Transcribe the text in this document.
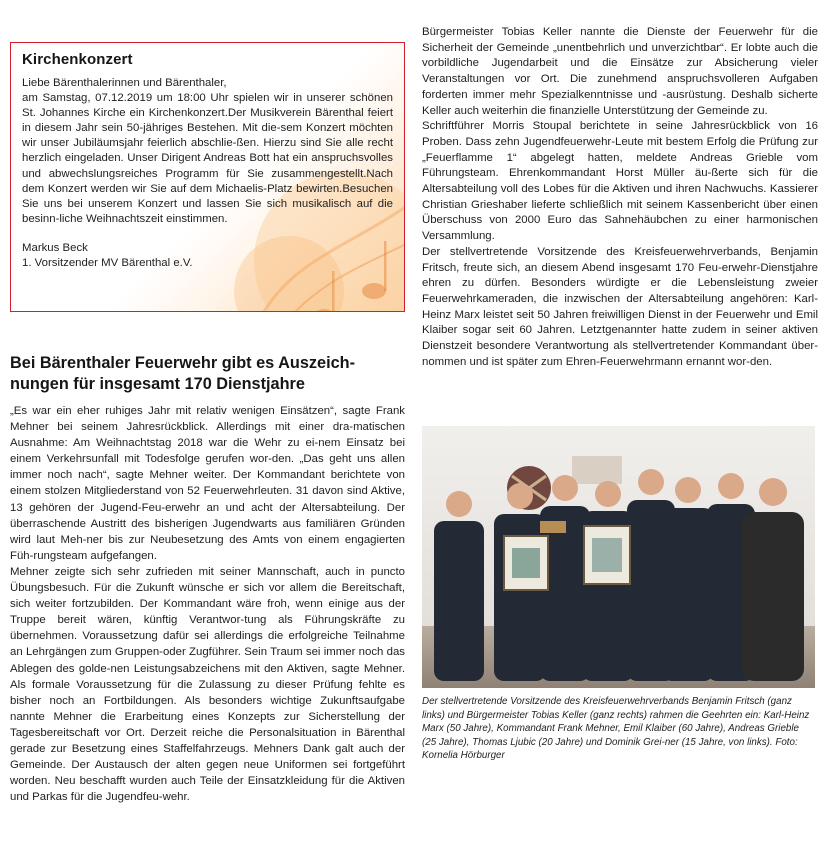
Kirchenkonzert
Liebe Bärenthalerinnen und Bärenthaler,
am Samstag, 07.12.2019 um 18:00 Uhr spielen wir in unserer schönen St. Johannes Kirche ein Kirchenkonzert.Der Musikverein Bärenthal feiert in diesem Jahr sein 50-jähriges Bestehen. Mit die-sem Konzert möchten wir unser Jubiläumsjahr feierlich abschlie-ßen. Hierzu sind Sie alle recht herzlich eingeladen. Unser Dirigent Andreas Bott hat ein anspruchsvolles und abwechslungsreiches Programm für Sie zusammengestellt.Nach dem Konzert werden wir Sie auf dem Michaelis-Platz bewirten.Besuchen Sie uns bei unserem Konzert und lassen Sie sich musikalisch auf die besinn-liche Weihnachtszeit einstimmen.
Markus Beck
1. Vorsitzender MV Bärenthal e.V.
Bei Bärenthaler Feuerwehr gibt es Auszeich-
nungen für insgesamt 170 Dienstjahre

„Es war ein eher ruhiges Jahr mit relativ wenigen Einsätzen“, sagte Frank Mehner bei seinem Jahresrückblick. Allerdings mit einer dra-matischen Ausnahme: Am Weihnachtstag 2018 war die Wehr zu ei-nem Einsatz bei einem Verkehrsunfall mit Todesfolge gerufen wor-den. „Das geht uns allen immer noch nach“, sagte Mehner weiter. Der Kommandant berichtete von einem stolzen Mitgliederstand von 52 Feuerwehrleuten. 31 davon sind Aktive, 13 gehören der Jugend-Feu-erwehr an und acht der Altersabteilung. Der überraschende Austritt des bisherigen Jugendwarts aus familiären Gründen wird laut Meh-ner bis zur Neubesetzung des Amts von einem engagierten Füh-rungsteam aufgefangen.

Mehner zeigte sich sehr zufrieden mit seiner Mannschaft, auch in puncto Übungsbesuch. Für die Zukunft wünsche er sich vor allem die Bereitschaft, sich weiter fortzubilden. Der Kommandant wäre froh, wenn einige aus der Truppe bereit wären, künftig Verantwor-tung als Führungskräfte zu übernehmen. Voraussetzung dafür sei allerdings die erfolgreiche Teilnahme an Lehrgängen zum Gruppen-oder Zugführer. Sein Traum sei immer noch das Ablegen des golde-nen Leistungsabzeichens mit den Aktiven, sagte Mehner. Als formale Voraussetzung für die Zulassung zu dieser Prüfung fehlte es bisher noch an Fortbildungen. Als besonders wichtige Zukunftsaufgabe nannte Mehner die Erarbeitung eines Konzepts zur Sicherstellung der Tagesbereitschaft vor Ort. Derzeit reiche die Personalsituation in Bärenthal gerade zur Besetzung eines Staffelfahrzeugs. Mehners Dank galt auch der Gemeinde. Der Austausch der alten gegen neue Uniformen sei fortgeführt worden. Neu beschafft wurden auch Teile der Einsatzkleidung für die Aktiven und Parkas für die Jugendfeu-wehr.

Bürgermeister Tobias Keller nannte die Dienste der Feuerwehr für die Sicherheit der Gemeinde „unentbehrlich und unverzichtbar“. Er lobte auch die vorbildliche Jugendarbeit und die Einsätze zur Absicherung vieler Veranstaltungen vor Ort. Die zunehmend anspruchsvolleren Aufgaben forderten immer mehr Spezialkenntnisse und -ausrüstung. Deshalb sicherte Keller auch weiterhin die finanzielle Unterstützung der Gemeinde zu.

Schriftführer Morris Stoupal berichtete in seine Jahresrückblick von 16 Proben. Dass zehn Jugendfeuerwehr-Leute mit bestem Erfolg die Prüfung zur „Feuerflamme 1“ abgelegt hatten, meldete Andreas Grieble vom Führungsteam. Ehrenkommandant Horst Müller äu-ßerte sich für die Altersabteilung voll des Lobes für die Aktiven und ihren Nachwuchs. Kassierer Christian Grieshaber lieferte schließlich mit seinem Kassenbericht über einen Überschuss von 2000 Euro das Sahnehäubchen zu einer harmonischen Versammlung.

Der stellvertretende Vorsitzende des Kreisfeuerwehrverbands, Benjamin Fritsch, freute sich, an diesem Abend insgesamt 170 Feu-erwehr-Dienstjahre ehren zu dürfen. Besonders würdigte er die Lebensleistung zweier Feuerwehrkameraden, die inzwischen der Altersabteilung angehören: Karl-Heinz Marx leistet seit 50 Jahren freiwilligen Dienst in der Feuerwehr und Emil Klaiber sogar seit 60 Jahren. Letztgenannter hatte zudem in seiner aktiven Dienstzeit besondere Verantwortung als stellvertretender Kommandant über-nommen und ist später zum Ehren-Feuerwehrmann ernannt wor-den.

Der stellvertretende Vorsitzende des Kreisfeuerwehrverbands Benjamin Fritsch (ganz links) und Bürgermeister Tobias Keller (ganz rechts) rahmen die Geehrten ein: Karl-Heinz Marx (50 Jahre), Kommandant Frank Mehner, Emil Klaiber (60 Jahre), Andreas Grieble (25 Jahre), Thomas Ljubic (20 Jahre) und Dominik Grei-ner (15 Jahre, von links). Foto: Kornelia Hörburger
